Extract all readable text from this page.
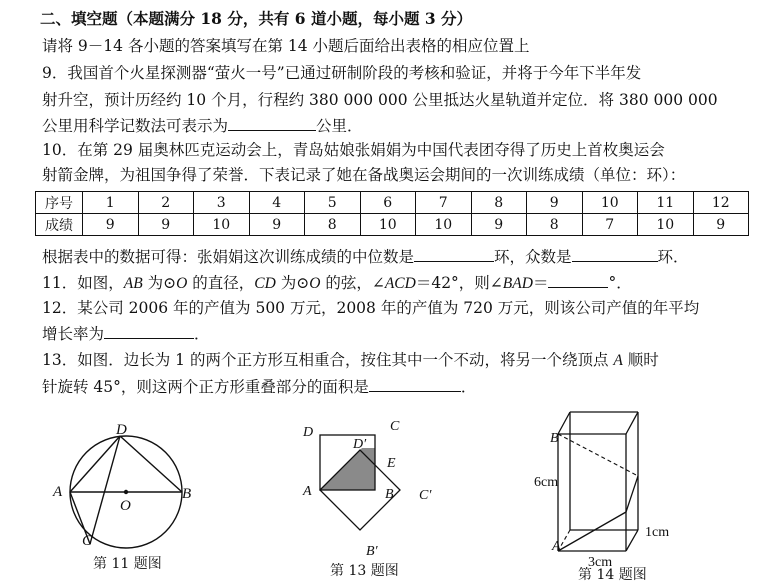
二、填空题（本题满分 18 分，共有 6 道小题，每小题 3 分）
请将 9－14 各小题的答案填写在第 14 小题后面给出表格的相应位置上
9．我国首个火星探测器“萤火一号”已通过研制阶段的考核和验证，并将于今年下半年发
射升空，预计历经约 10 个月，行程约 380 000 000 公里抵达火星轨道并定位．将 380 000 000
公里用科学记数法可表示为	公里．
10．在第 29 届奥林匹克运动会上，青岛姑娘张娟娟为中国代表团夺得了历史上首枚奥运会
射箭金牌，为祖国争得了荣誉．下表记录了她在备战奥运会期间的一次训练成绩（单位：环）：
序号	1	2	3	4	5	6	7	8	9	10	11	12
成绩	9	9	10	9	8	10	10	9	8	7	10	9
根据表中的数据可得：张娟娟这次训练成绩的中位数是	环，众数是	环．
11．如图，AB 为⊙O 的直径，CD 为⊙O 的弦，∠ACD＝42°，则∠BAD＝	°．
12．某公司 2006 年的产值为 500 万元，2008 年的产值为 720 万元，则该公司产值的年平均
增长率为	．
13．如图．边长为 1 的两个正方形互相重合，按住其中一个不动，将另一个绕顶点 A 顺时
针旋转 45°，则这两个正方形重叠部分的面积是	．
D
A
O
B
C
第 11 题图
D	C
D′
E
A	B C′
B′
第 13 题图
B
A
6cm
3cm
1cm
第 14 题图
